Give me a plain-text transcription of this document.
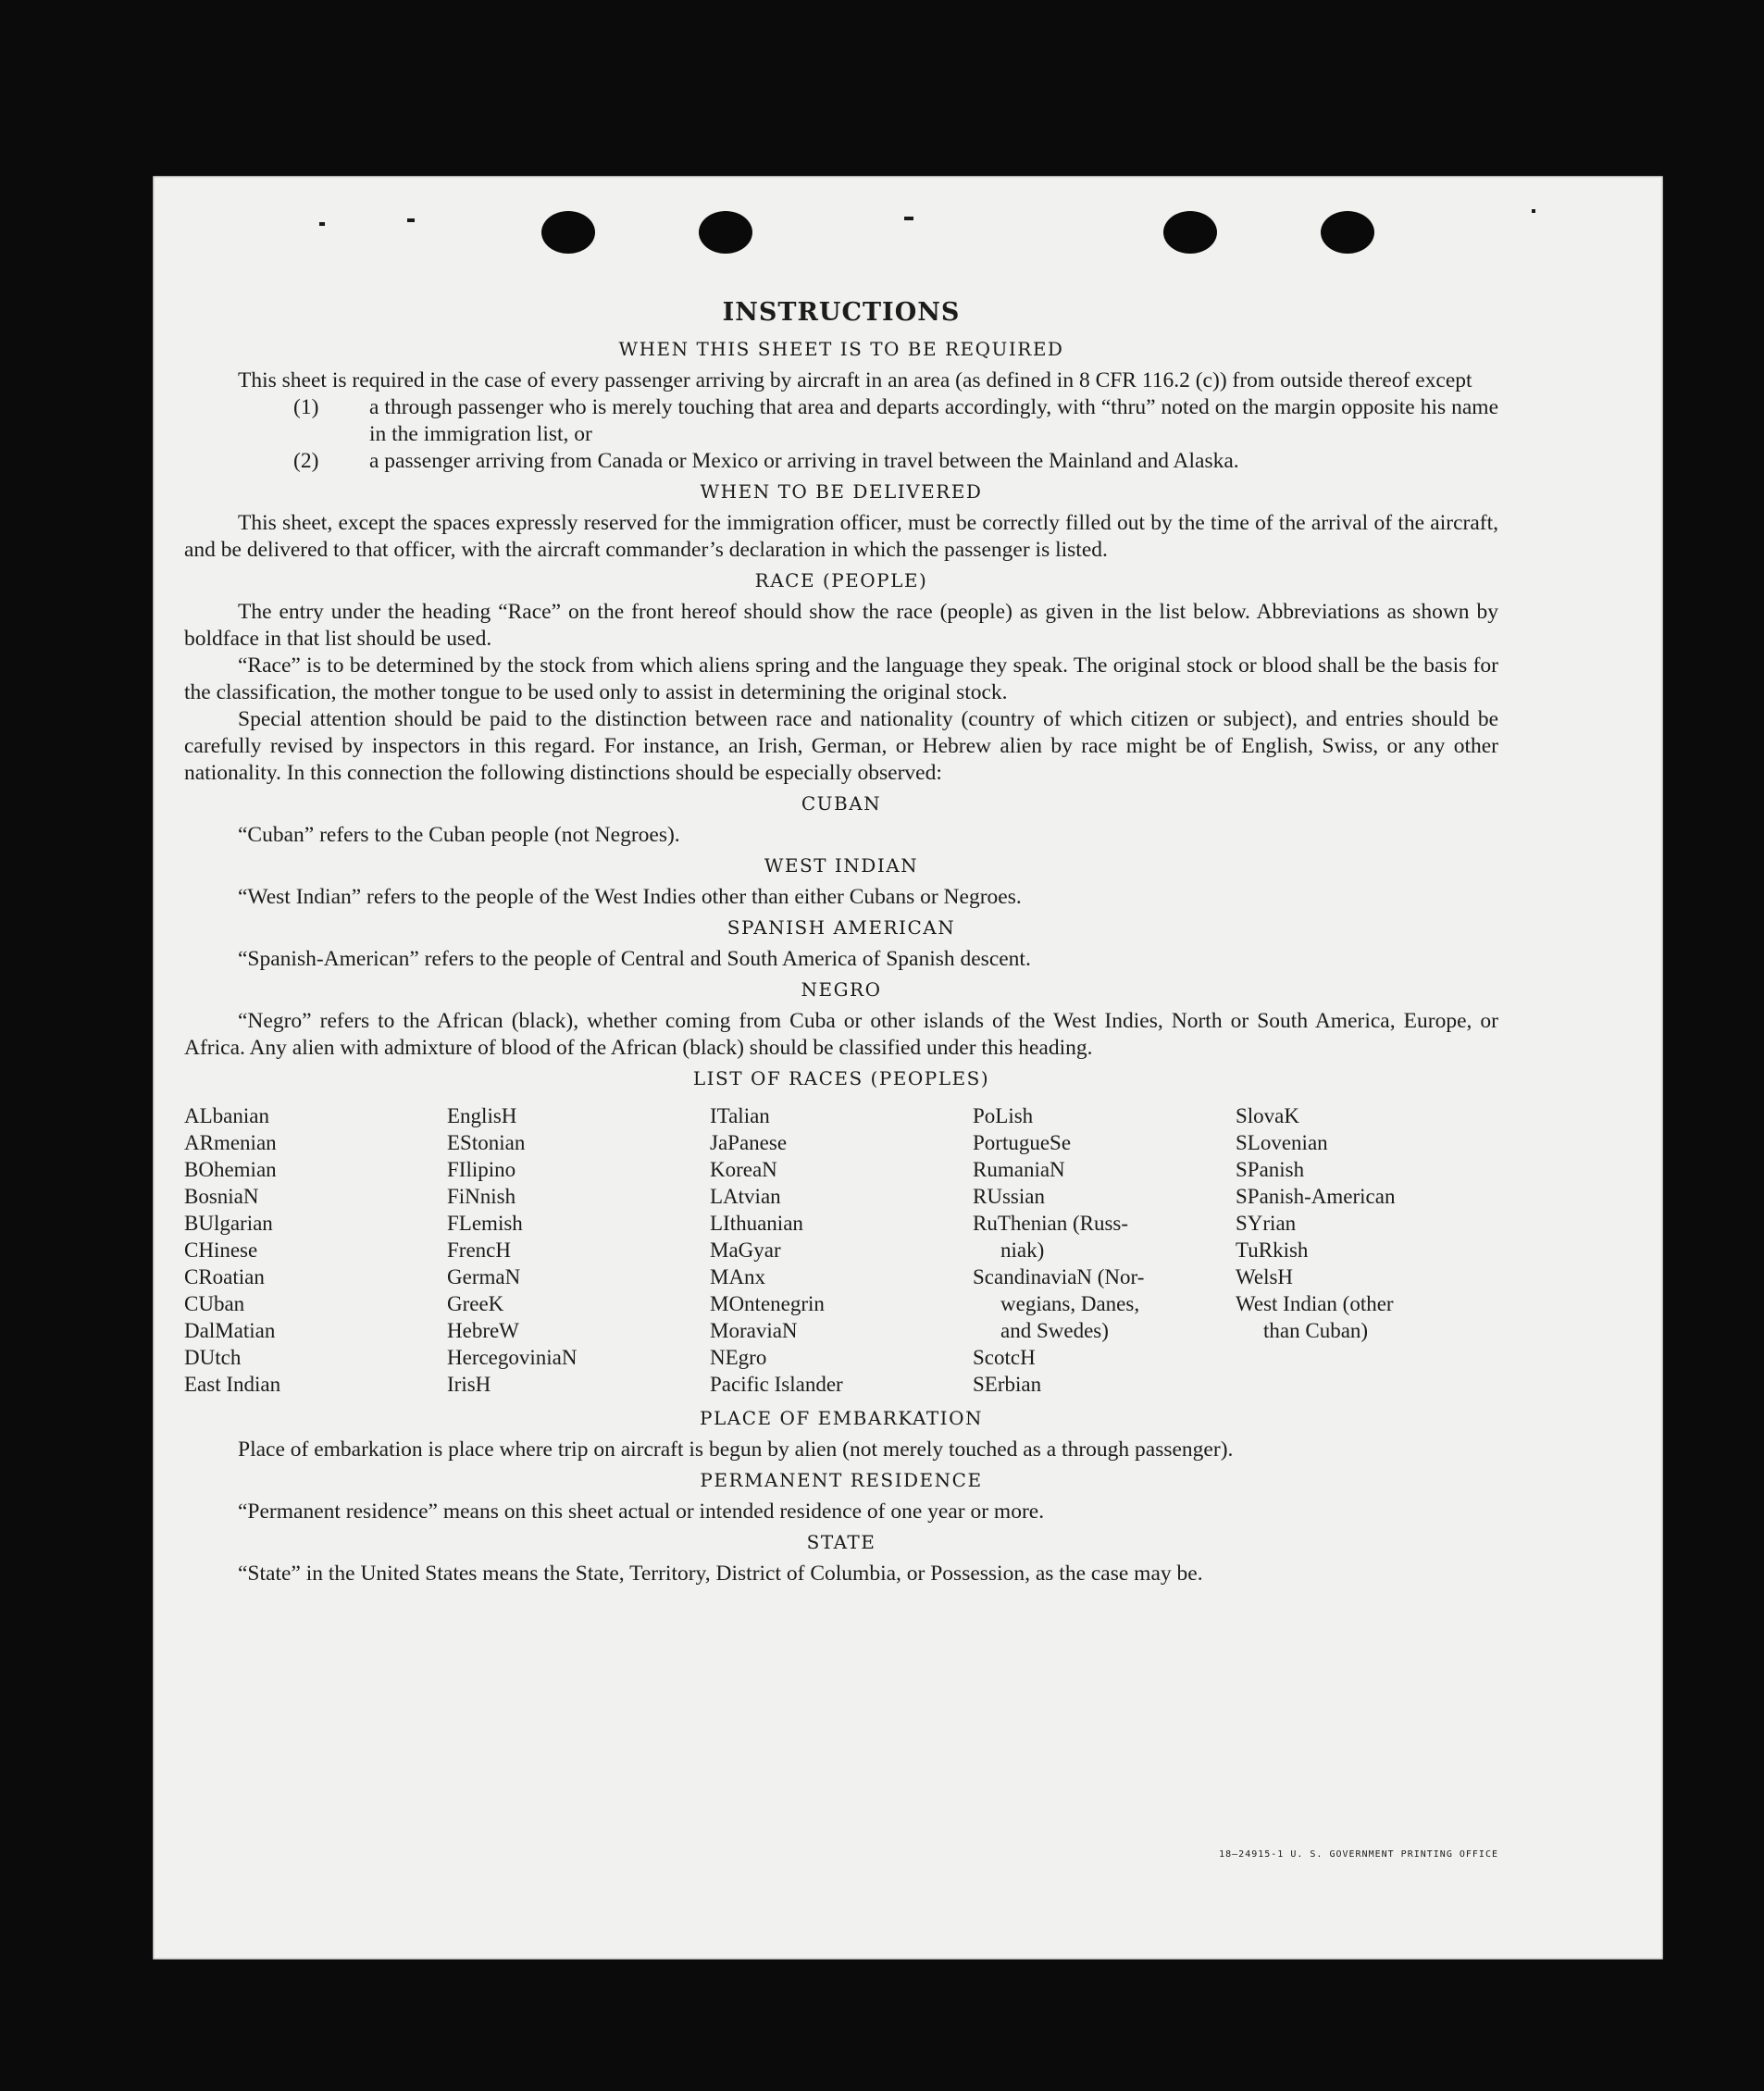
INSTRUCTIONS
WHEN THIS SHEET IS TO BE REQUIRED

This sheet is required in the case of every passenger arriving by aircraft in an area (as defined in 8 CFR 116.2 (c)) from outside thereof except

(1) a through passenger who is merely touching that area and departs accordingly, with “thru” noted on the margin opposite his name in the immigration list, or
(2) a passenger arriving from Canada or Mexico or arriving in travel between the Mainland and Alaska.
WHEN TO BE DELIVERED

This sheet, except the spaces expressly reserved for the immigration officer, must be correctly filled out by the time of the arrival of the aircraft, and be delivered to that officer, with the aircraft commander’s declaration in which the passenger is listed.

RACE (PEOPLE)

The entry under the heading “Race” on the front hereof should show the race (people) as given in the list below. Abbreviations as shown by boldface in that list should be used.

“Race” is to be determined by the stock from which aliens spring and the language they speak. The original stock or blood shall be the basis for the classification, the mother tongue to be used only to assist in determining the original stock.

Special attention should be paid to the distinction between race and nationality (country of which citizen or subject), and entries should be carefully revised by inspectors in this regard. For instance, an Irish, German, or Hebrew alien by race might be of English, Swiss, or any other nationality. In this connection the following distinctions should be especially observed:

CUBAN

“Cuban” refers to the Cuban people (not Negroes).

WEST INDIAN

“West Indian” refers to the people of the West Indies other than either Cubans or Negroes.

SPANISH AMERICAN

“Spanish-American” refers to the people of Central and South America of Spanish descent.

NEGRO

“Negro” refers to the African (black), whether coming from Cuba or other islands of the West Indies, North or South America, Europe, or Africa. Any alien with admixture of blood of the African (black) should be classified under this heading.

LIST OF RACES (PEOPLES)
ALbanian
ARmenian
BOhemian
BosniaN
BUlgarian
CHinese
CRoatian
CUban
DalMatian
DUtch
East Indian
EnglisH
EStonian
FIlipino
FiNnish
FLemish
FrencH
GermaN
GreeK
HebreW
HercegoviniaN
IrisH
ITalian
JaPanese
KoreaN
LAtvian
LIthuanian
MaGyar
MAnx
MOntenegrin
MoraviaN
NEgro
Pacific Islander
PoLish
PortugueSe
RumaniaN
RUssian
RuThenian (Russ-
niak)
ScandinaviaN (Nor-
wegians, Danes,
and Swedes)
ScotcH
SErbian
SlovaK
SLovenian
SPanish
SPanish-American
SYrian
TuRkish
WelsH
West Indian (other
than Cuban)
PLACE OF EMBARKATION

Place of embarkation is place where trip on aircraft is begun by alien (not merely touched as a through passenger).

PERMANENT RESIDENCE

“Permanent residence” means on this sheet actual or intended residence of one year or more.

STATE

“State” in the United States means the State, Territory, District of Columbia, or Possession, as the case may be.

18—24915-1 U. S. GOVERNMENT PRINTING OFFICE
